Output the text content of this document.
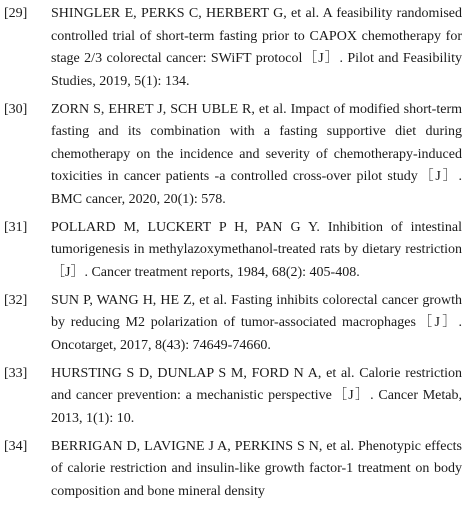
[29]	SHINGLER E, PERKS C, HERBERT G, et al. A feasibility randomised controlled trial of short-term fasting prior to CAPOX chemotherapy for stage 2/3 colorectal cancer: SWiFT protocol［J］. Pilot and Feasibility Studies, 2019, 5(1): 134.
[30]	ZORN S, EHRET J, SCH UBLE R, et al. Impact of modified short-term fasting and its combination with a fasting supportive diet during chemotherapy on the incidence and severity of chemotherapy-induced toxicities in cancer patients -a controlled cross-over pilot study［J］. BMC cancer, 2020, 20(1): 578.
[31]	POLLARD M, LUCKERT P H, PAN G Y. Inhibition of intestinal tumorigenesis in methylazoxymethanol-treated rats by dietary restriction［J］. Cancer treatment reports, 1984, 68(2): 405-408.
[32]	SUN P, WANG H, HE Z, et al. Fasting inhibits colorectal cancer growth by reducing M2 polarization of tumor-associated macrophages［J］. Oncotarget, 2017, 8(43): 74649-74660.
[33]	HURSTING S D, DUNLAP S M, FORD N A, et al. Calorie restriction and cancer prevention: a mechanistic perspective［J］. Cancer Metab, 2013, 1(1): 10.
[34]	BERRIGAN D, LAVIGNE J A, PERKINS S N, et al. Phenotypic effects of calorie restriction and insulin-like growth factor-1 treatment on body composition and bone mineral density
